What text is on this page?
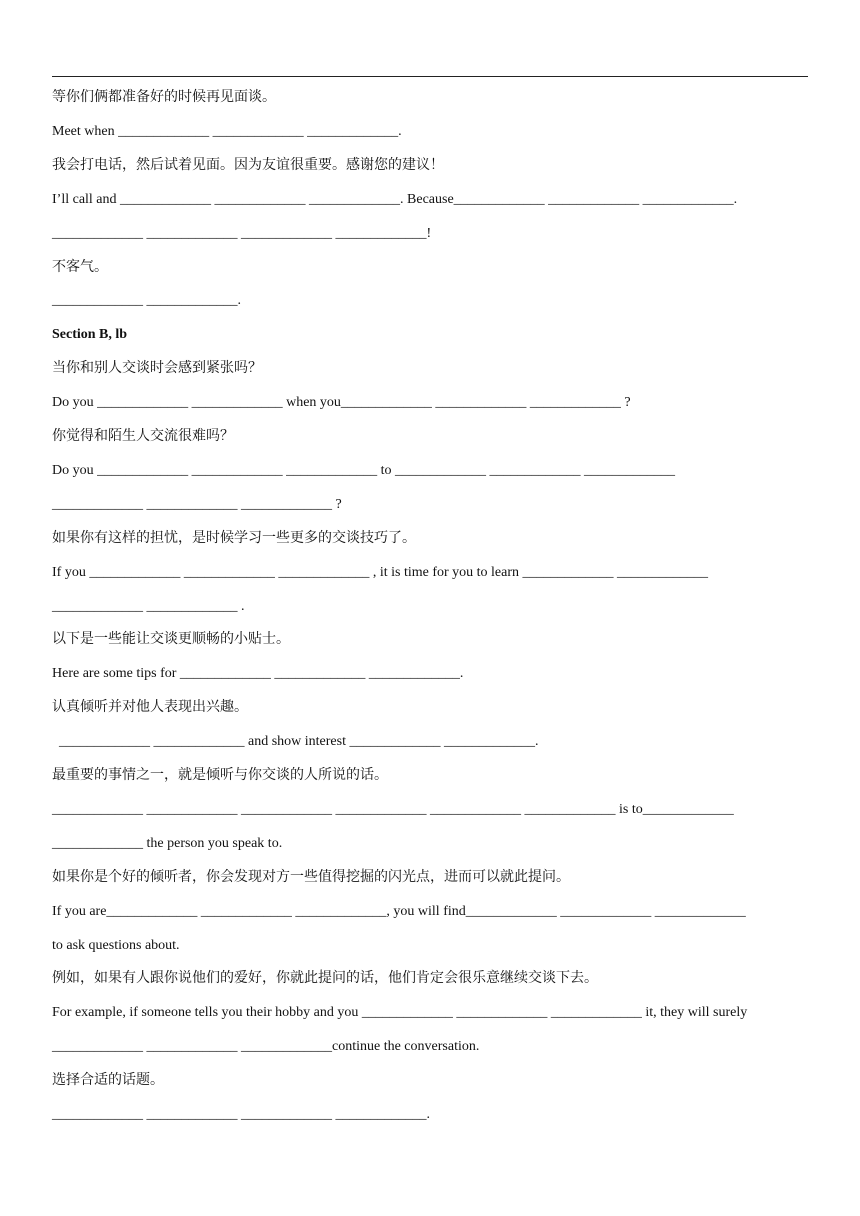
等你们俩都准备好的时候再见面谈。
Meet when _____________ _____________ _____________.
我会打电话，然后试着见面。因为友谊很重要。感谢您的建议！
I’ll call and _____________ _____________ _____________. Because_____________ _____________ _____________.
_____________ _____________ _____________ _____________!
不客气。
_____________ _____________.
Section B, lb
当你和别人交谈时会感到紧张吗？
Do you _____________ _____________ when you_____________ _____________ _____________ ?
你觉得和陌生人交流很难吗？
Do you _____________ _____________ _____________ to _____________ _____________ _____________
_____________ _____________ _____________ ?
如果你有这样的担忧，是时候学习一些更多的交谈技巧了。
If you _____________ _____________ _____________ , it is time for you to learn _____________ _____________
_____________ _____________ .
以下是一些能让交谈更顺畅的小贴士。
Here are some tips for _____________ _____________ _____________.
认真倾听并对他人表现出兴趣。
_____________ _____________ and show interest _____________ _____________.
最重要的事情之一，就是倾听与你交谈的人所说的话。
_____________ _____________ _____________ _____________ _____________ _____________ is to_____________
_____________ the person you speak to.
如果你是个好的倾听者，你会发现对方一些值得挖掘的闪光点，进而可以就此提问。
If you are_____________ _____________ _____________, you will find_____________ _____________ _____________
to ask questions about.
例如，如果有人跟你说他们的爱好，你就此提问的话，他们肯定会很乐意继续交谈下去。
For example, if someone tells you their hobby and you _____________ _____________ _____________ it, they will surely
_____________ _____________ _____________continue the conversation.
选择合适的话题。
_____________ _____________ _____________ _____________.
